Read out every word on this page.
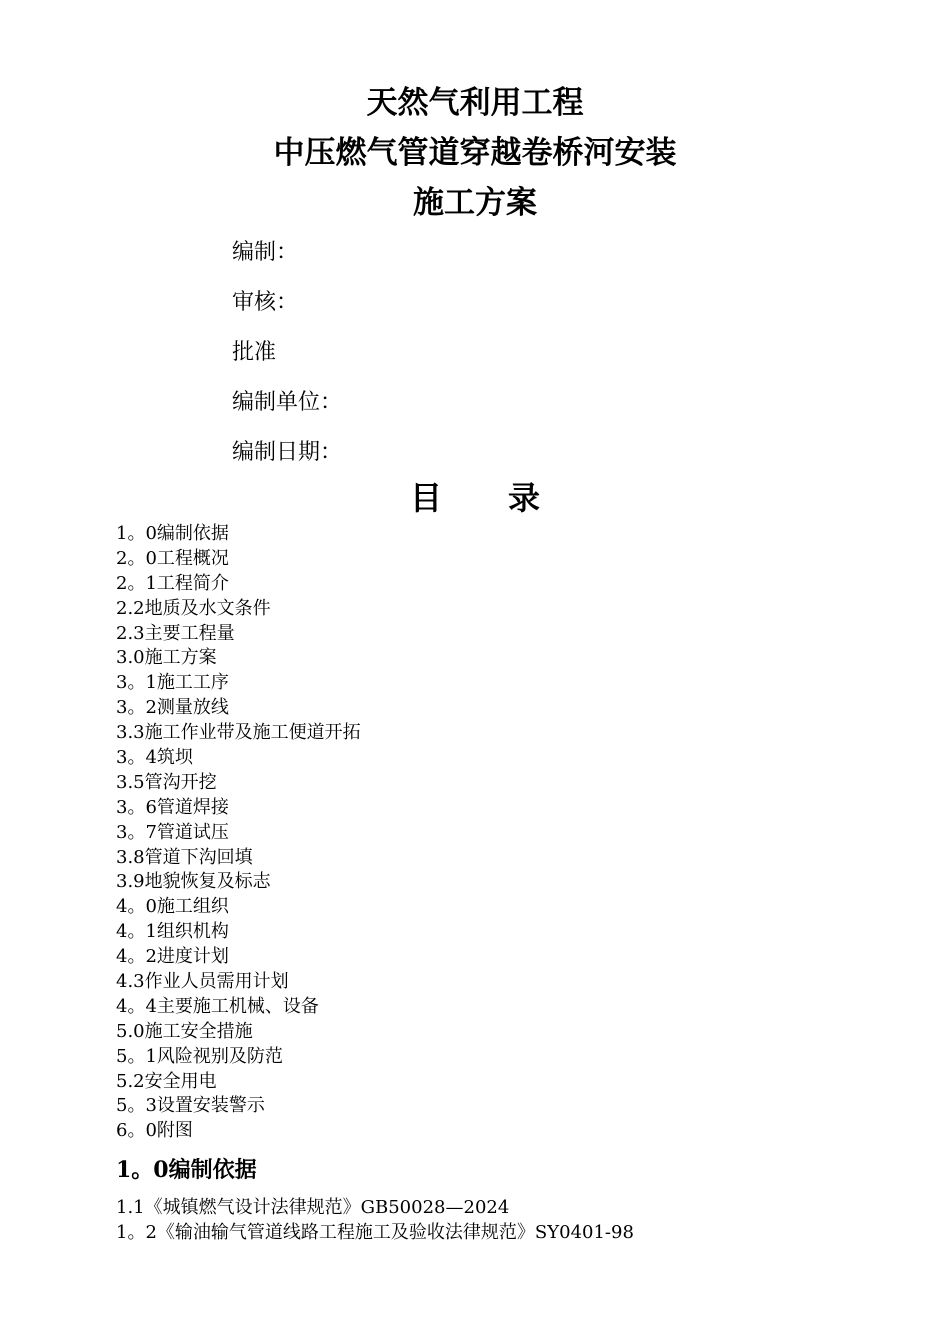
天然气利用工程
中压燃气管道穿越卷桥河安装
施工方案
编制：
审核：
批准
编制单位：
编制日期：
目 录
1。0编制依据
2。0工程概况
2。1工程简介
2.2地质及水文条件
2.3主要工程量
3.0施工方案
3。1施工工序
3。2测量放线
3.3施工作业带及施工便道开拓
3。4筑坝
3.5管沟开挖
3。6管道焊接
3。7管道试压
3.8管道下沟回填
3.9地貌恢复及标志
4。0施工组织
4。1组织机构
4。2进度计划
4.3作业人员需用计划
4。4主要施工机械、设备
5.0施工安全措施
5。1风险视别及防范
5.2安全用电
5。3设置安装警示
6。0附图
1。0编制依据
1.1《城镇燃气设计法律规范》GB50028—2024
1。2《输油输气管道线路工程施工及验收法律规范》SY0401-98
